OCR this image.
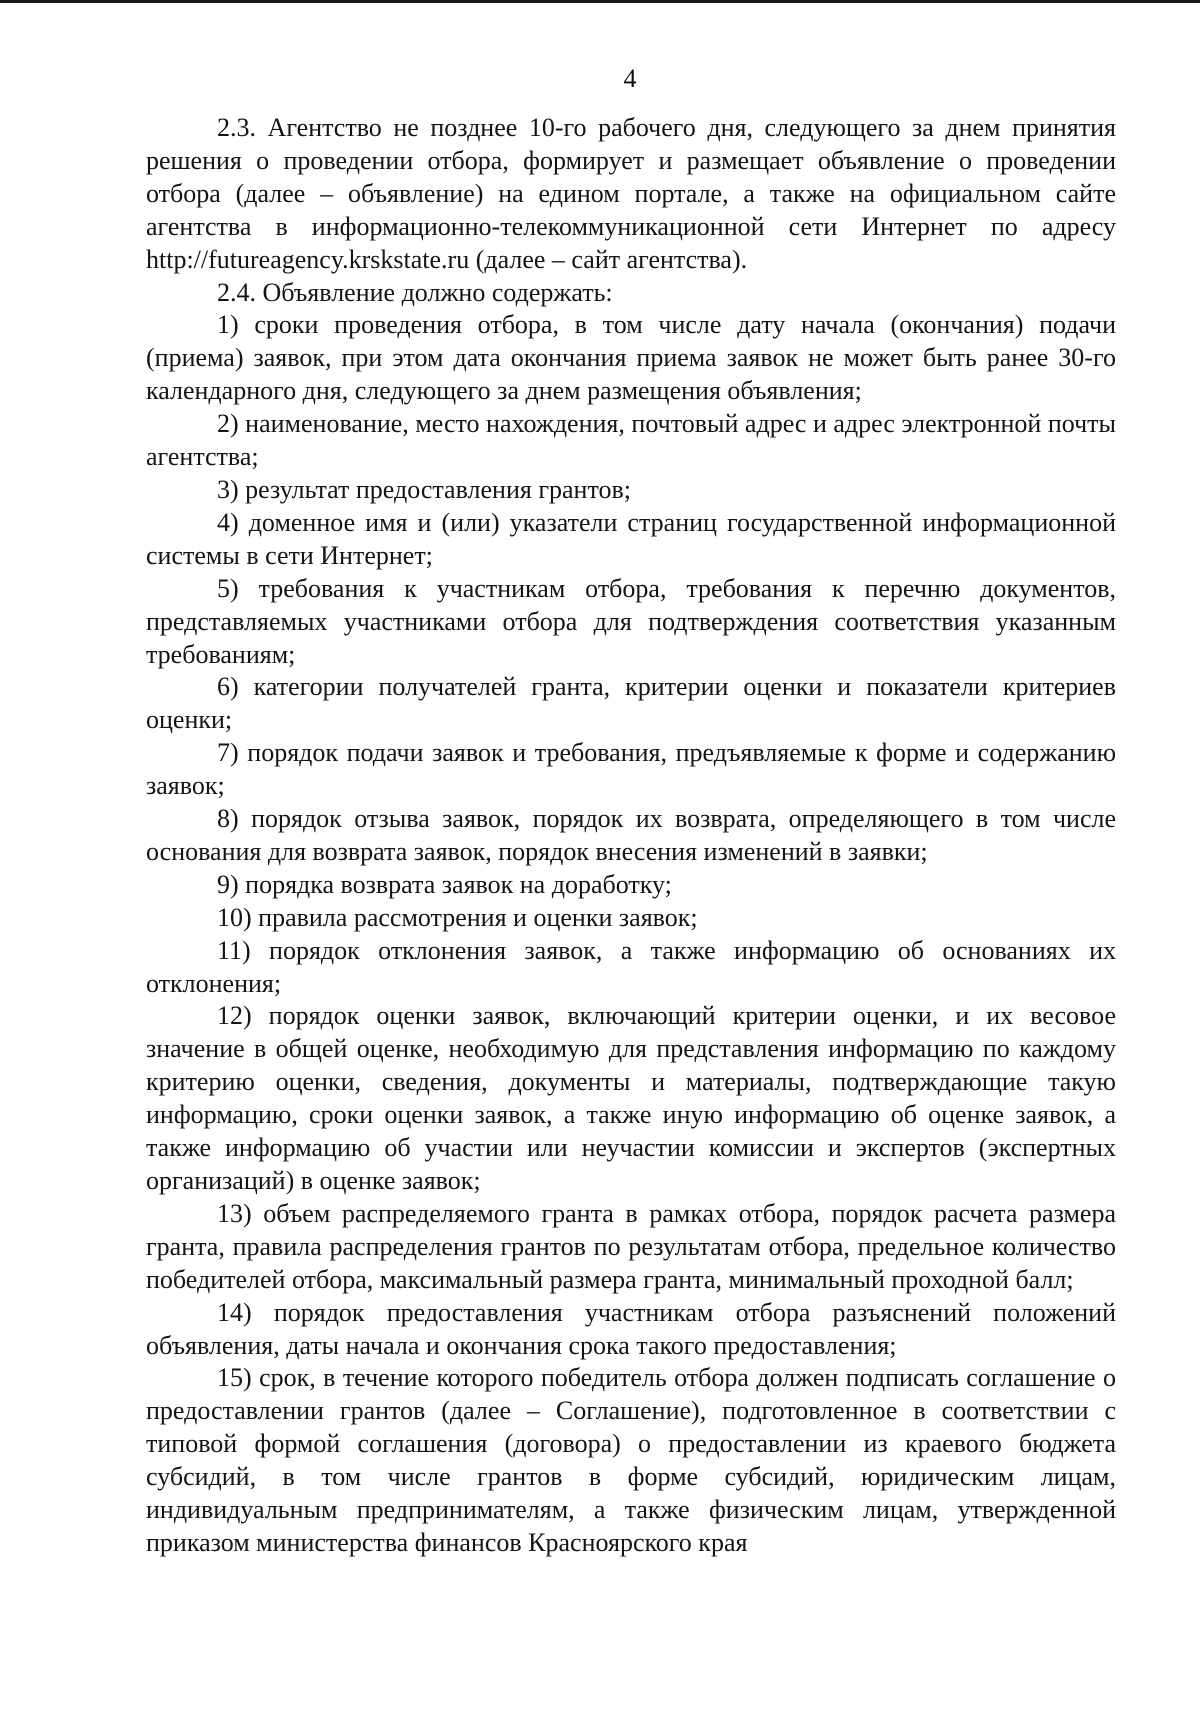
4

2.3. Агентство не позднее 10-го рабочего дня, следующего за днем принятия решения о проведении отбора, формирует и размещает объявление о проведении отбора (далее – объявление) на едином портале, а также на официальном сайте агентства в информационно-телекоммуникационной сети Интернет по адресу http://futureagency.krskstate.ru (далее – сайт агентства).

2.4. Объявление должно содержать:

1) сроки проведения отбора, в том числе дату начала (окончания) подачи (приема) заявок, при этом дата окончания приема заявок не может быть ранее 30-го календарного дня, следующего за днем размещения объявления;

2) наименование, место нахождения, почтовый адрес и адрес электронной почты агентства;

3) результат предоставления грантов;

4) доменное имя и (или) указатели страниц государственной информационной системы в сети Интернет;

5) требования к участникам отбора, требования к перечню документов, представляемых участниками отбора для подтверждения соответствия указанным требованиям;

6) категории получателей гранта, критерии оценки и показатели критериев оценки;

7) порядок подачи заявок и требования, предъявляемые к форме и содержанию заявок;

8) порядок отзыва заявок, порядок их возврата, определяющего в том числе основания для возврата заявок, порядок внесения изменений в заявки;

9) порядка возврата заявок на доработку;

10) правила рассмотрения и оценки заявок;

11) порядок отклонения заявок, а также информацию об основаниях их отклонения;

12) порядок оценки заявок, включающий критерии оценки, и их весовое значение в общей оценке, необходимую для представления информацию по каждому критерию оценки, сведения, документы и материалы, подтверждающие такую информацию, сроки оценки заявок, а также иную информацию об оценке заявок, а также информацию об участии или неучастии комиссии и экспертов (экспертных организаций) в оценке заявок;

13) объем распределяемого гранта в рамках отбора, порядок расчета размера гранта, правила распределения грантов по результатам отбора, предельное количество победителей отбора, максимальный размера гранта, минимальный проходной балл;

14) порядок предоставления участникам отбора разъяснений положений объявления, даты начала и окончания срока такого предоставления;

15) срок, в течение которого победитель отбора должен подписать соглашение о предоставлении грантов (далее – Соглашение), подготовленное в соответствии с типовой формой соглашения (договора) о предоставлении из краевого бюджета субсидий, в том числе грантов в форме субсидий, юридическим лицам, индивидуальным предпринимателям, а также физическим лицам, утвержденной приказом министерства финансов Красноярского края
